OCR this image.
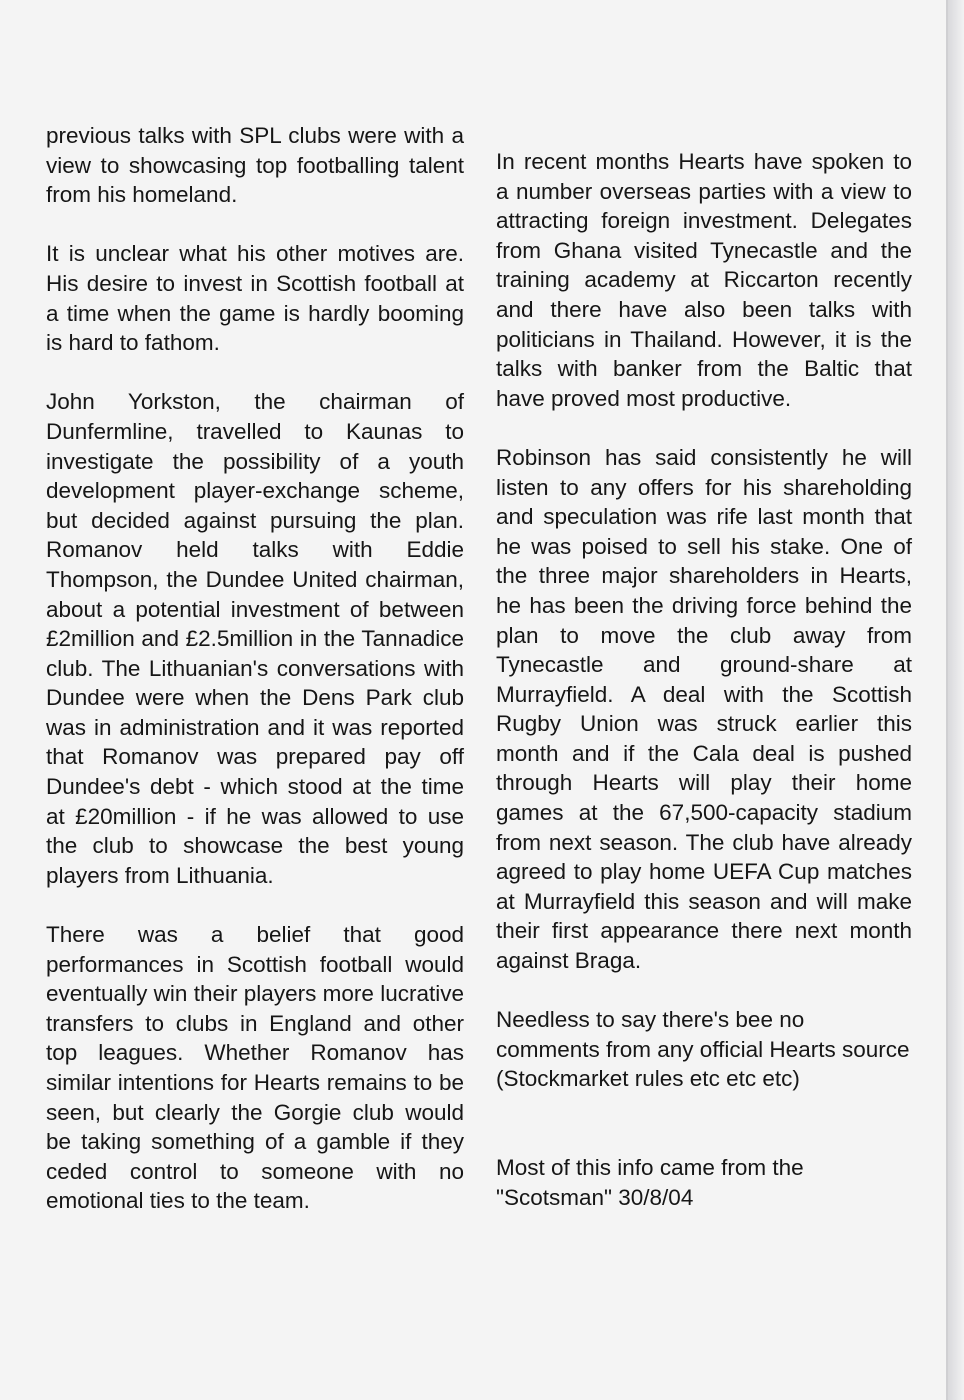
previous talks with SPL clubs were with a view to showcasing top footballing talent from his homeland.

It is unclear what his other motives are. His desire to invest in Scottish football at a time when the game is hardly booming is hard to fathom.

John Yorkston, the chairman of Dunfermline, travelled to Kaunas to investigate the possibility of a youth development player-exchange scheme, but decided against pursuing the plan. Romanov held talks with Eddie Thompson, the Dundee United chairman, about a potential investment of between £2million and £2.5million in the Tannadice club. The Lithuanian's conversations with Dundee were when the Dens Park club was in administration and it was reported that Romanov was prepared pay off Dundee's debt - which stood at the time at £20million - if he was allowed to use the club to showcase the best young players from Lithuania.

There was a belief that good performances in Scottish football would eventually win their players more lucrative transfers to clubs in England and other top leagues. Whether Romanov has similar intentions for Hearts remains to be seen, but clearly the Gorgie club would be taking something of a gamble if they ceded control to someone with no emotional ties to the team.

In recent months Hearts have spoken to a number overseas parties with a view to attracting foreign investment. Delegates from Ghana visited Tynecastle and the training academy at Riccarton recently and there have also been talks with politicians in Thailand. However, it is the talks with banker from the Baltic that have proved most productive.

Robinson has said consistently he will listen to any offers for his shareholding and speculation was rife last month that he was poised to sell his stake. One of the three major shareholders in Hearts, he has been the driving force behind the plan to move the club away from Tynecastle and ground-share at Murrayfield. A deal with the Scottish Rugby Union was struck earlier this month and if the Cala deal is pushed through Hearts will play their home games at the 67,500-capacity stadium from next season. The club have already agreed to play home UEFA Cup matches at Murrayfield this season and will make their first appearance there next month against Braga.

Needless to say there's bee no comments from any official Hearts source (Stockmarket rules etc etc etc)

Most of this info came from the "Scotsman" 30/8/04
